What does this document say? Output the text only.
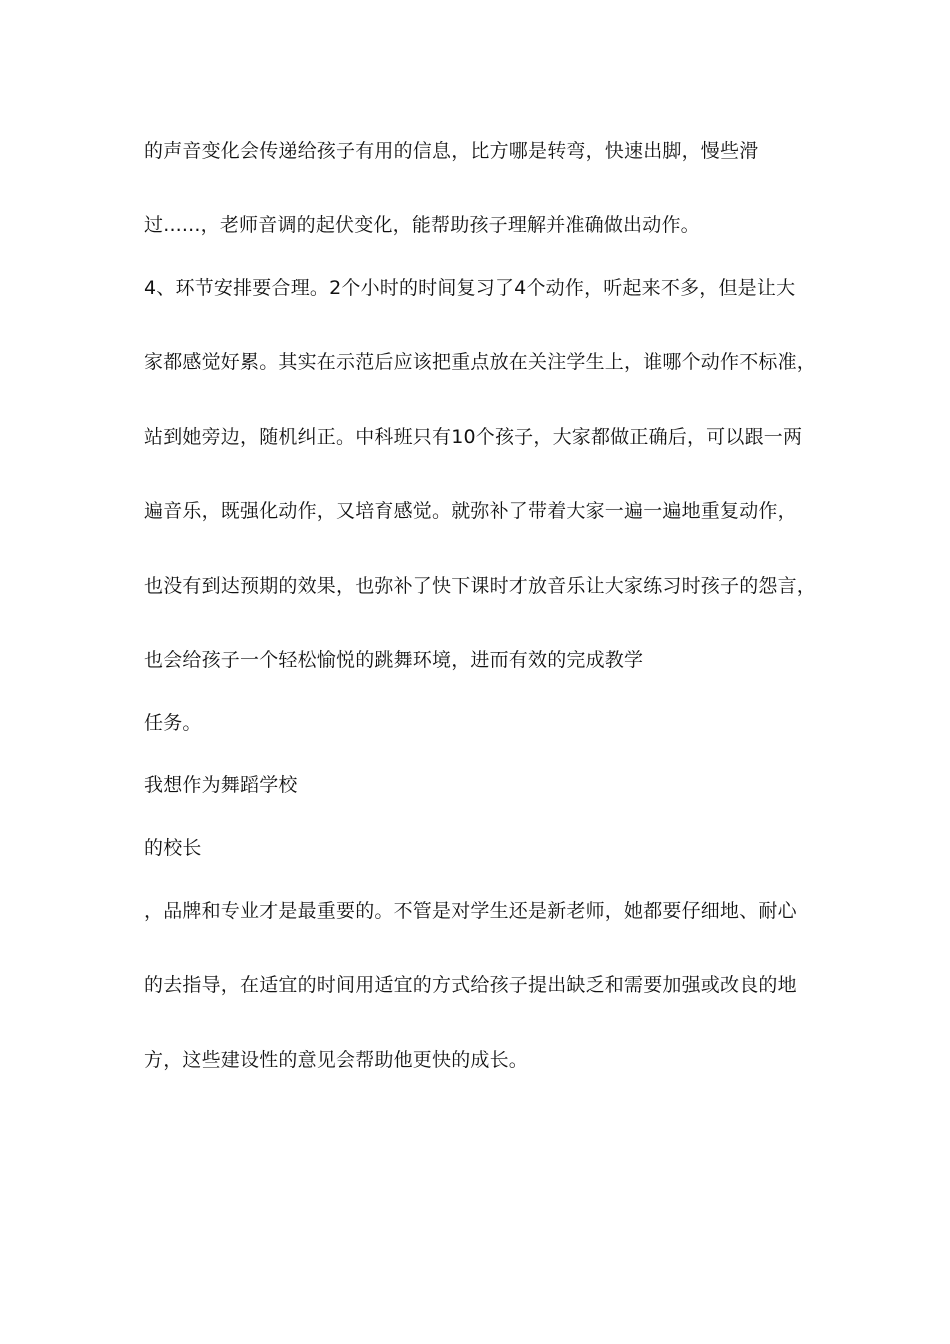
的声音变化会传递给孩子有用的信息，比方哪是转弯，快速出脚，慢些滑
过......，老师音调的起伏变化，能帮助孩子理解并准确做出动作。
4、环节安排要合理。2个小时的时间复习了4个动作，听起来不多，但是让大
家都感觉好累。其实在示范后应该把重点放在关注学生上，谁哪个动作不标准，
站到她旁边，随机纠正。中科班只有10个孩子，大家都做正确后，可以跟一两
遍音乐，既强化动作，又培育感觉。就弥补了带着大家一遍一遍地重复动作，
也没有到达预期的效果，也弥补了快下课时才放音乐让大家练习时孩子的怨言，
也会给孩子一个轻松愉悦的跳舞环境，进而有效的完成教学
任务。
我想作为舞蹈学校
的校长
，品牌和专业才是最重要的。不管是对学生还是新老师，她都要仔细地、耐心
的去指导，在适宜的时间用适宜的方式给孩子提出缺乏和需要加强或改良的地
方，这些建设性的意见会帮助他更快的成长。
